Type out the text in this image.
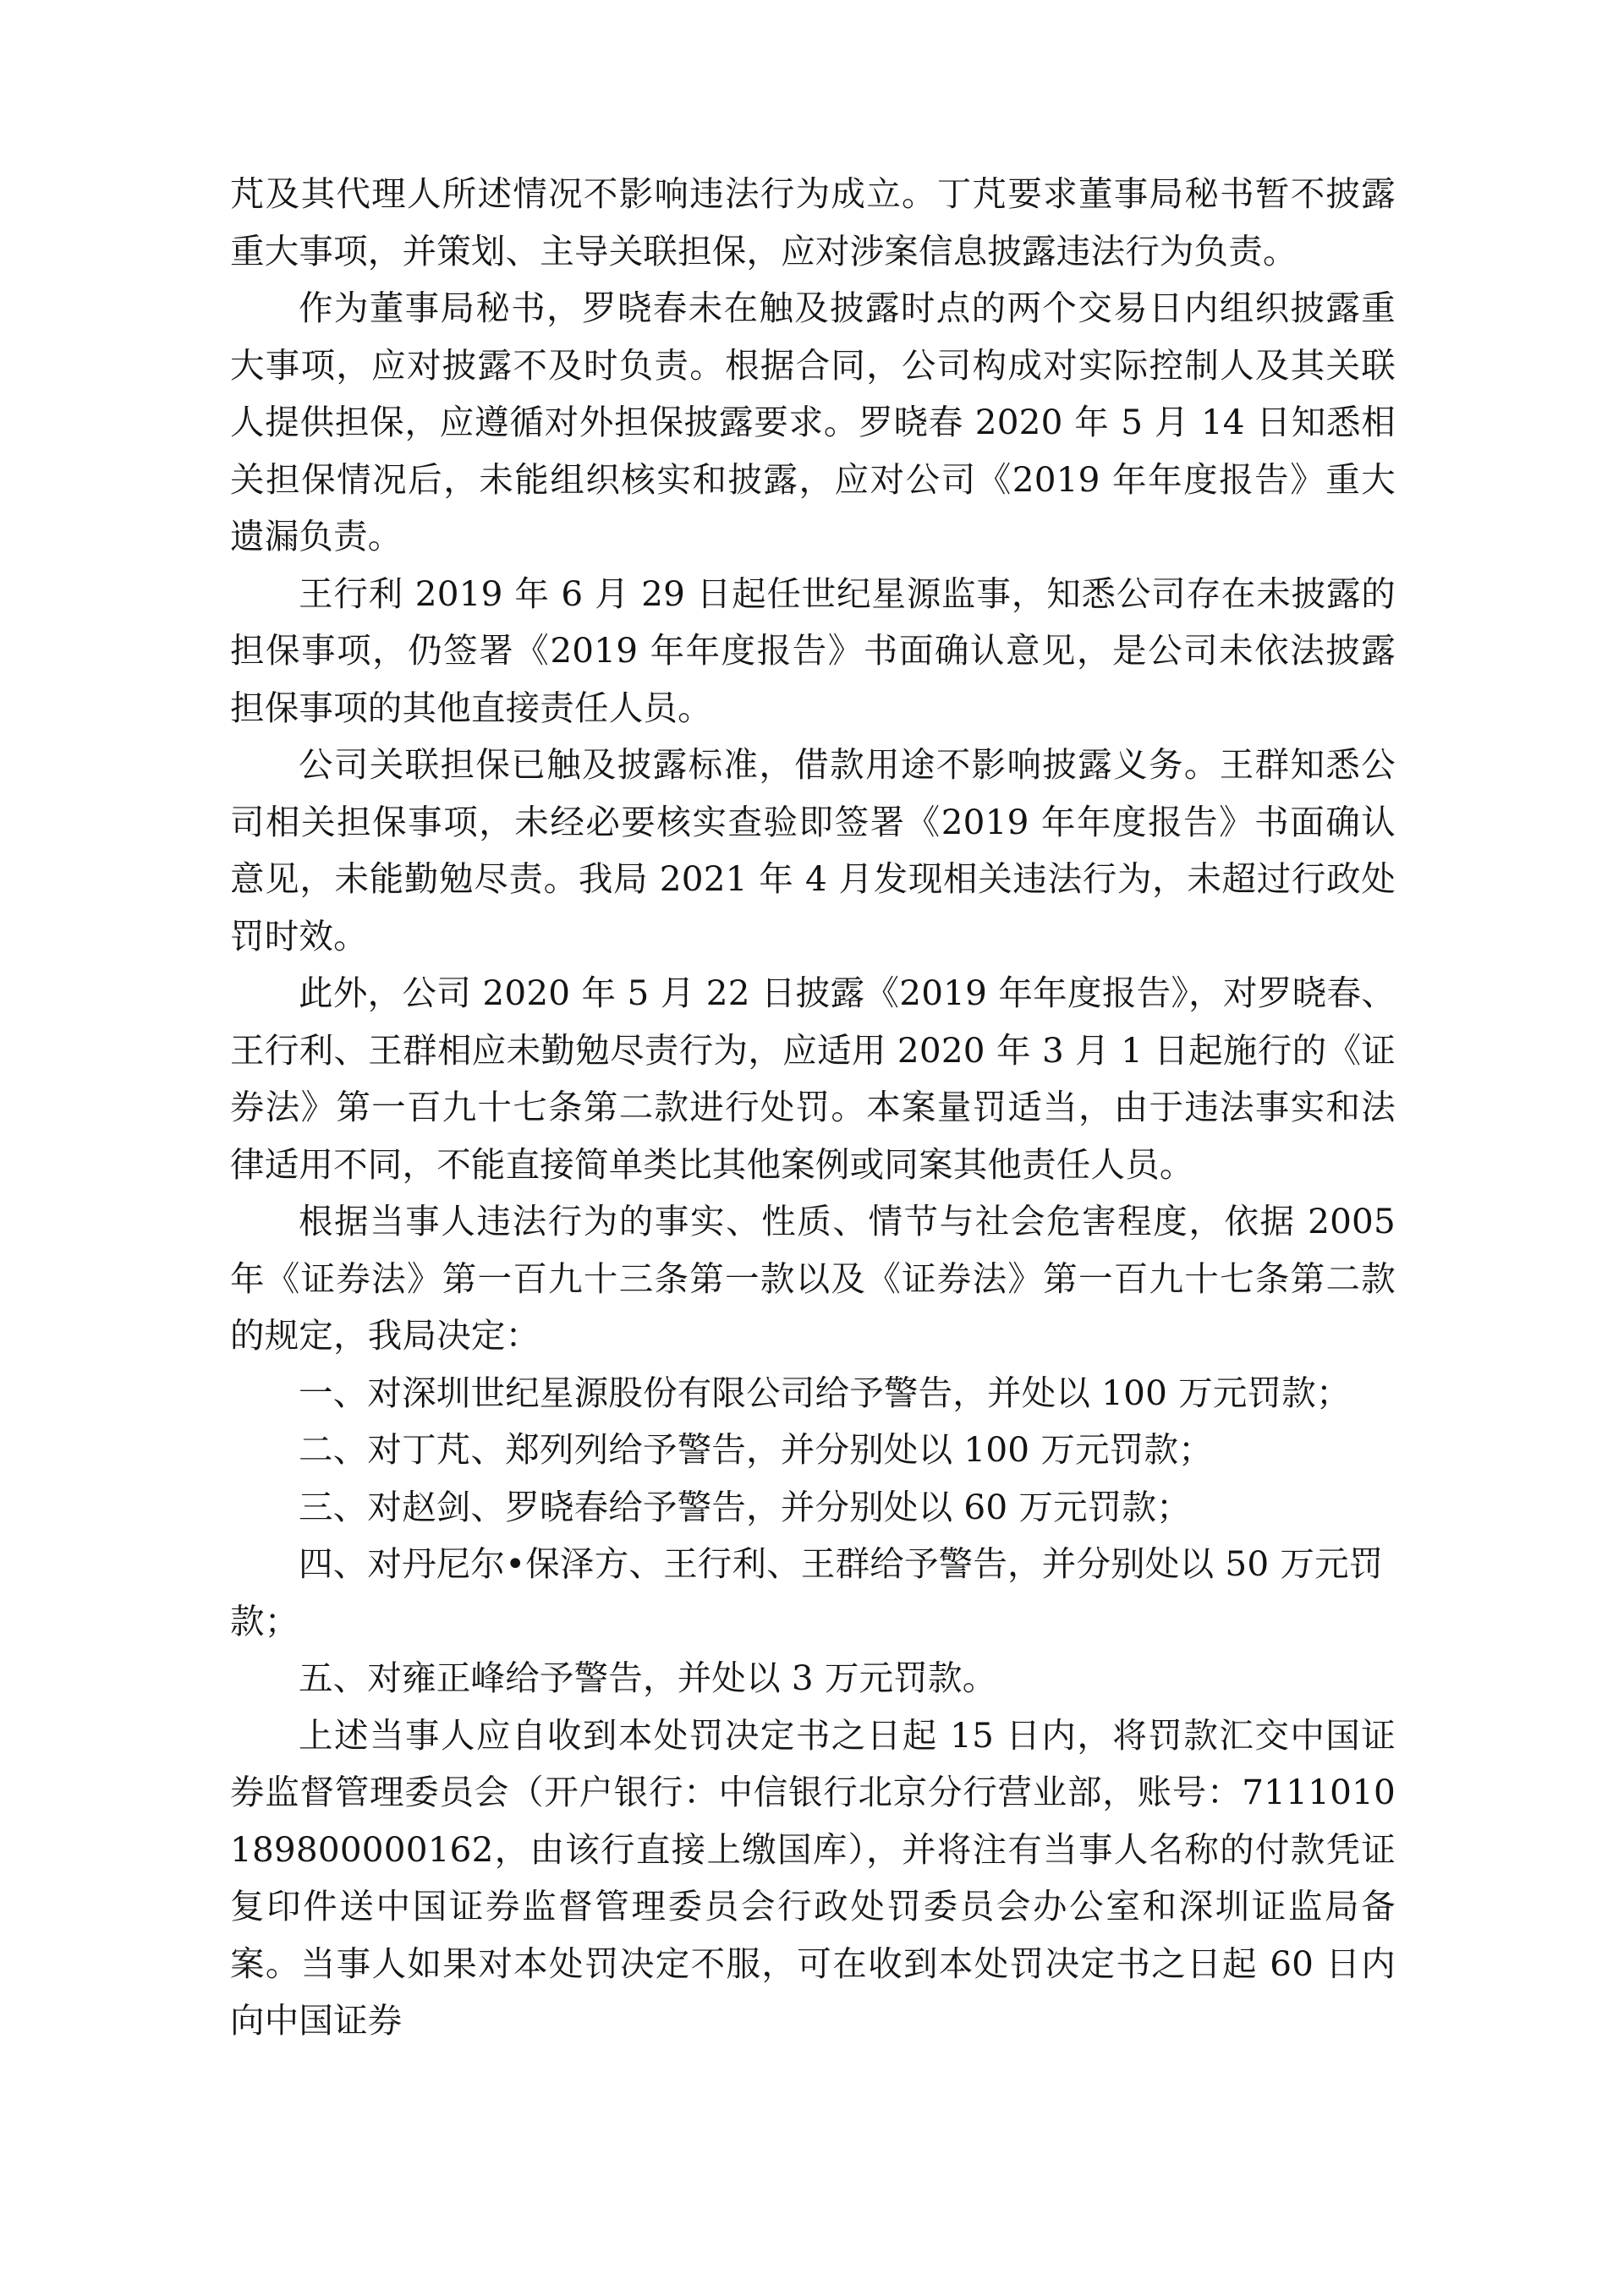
芃及其代理人所述情况不影响违法行为成立。丁芃要求董事局秘书暂不披露重大事项，并策划、主导关联担保，应对涉案信息披露违法行为负责。

作为董事局秘书，罗晓春未在触及披露时点的两个交易日内组织披露重大事项，应对披露不及时负责。根据合同，公司构成对实际控制人及其关联人提供担保，应遵循对外担保披露要求。罗晓春 2020 年 5 月 14 日知悉相关担保情况后，未能组织核实和披露，应对公司《2019 年年度报告》重大遗漏负责。

王行利 2019 年 6 月 29 日起任世纪星源监事，知悉公司存在未披露的担保事项，仍签署《2019 年年度报告》书面确认意见，是公司未依法披露担保事项的其他直接责任人员。

公司关联担保已触及披露标准，借款用途不影响披露义务。王群知悉公司相关担保事项，未经必要核实查验即签署《2019 年年度报告》书面确认意见，未能勤勉尽责。我局 2021 年 4 月发现相关违法行为，未超过行政处罚时效。

此外，公司 2020 年 5 月 22 日披露《2019 年年度报告》，对罗晓春、王行利、王群相应未勤勉尽责行为，应适用 2020 年 3 月 1 日起施行的《证券法》第一百九十七条第二款进行处罚。本案量罚适当，由于违法事实和法律适用不同，不能直接简单类比其他案例或同案其他责任人员。

根据当事人违法行为的事实、性质、情节与社会危害程度，依据 2005 年《证券法》第一百九十三条第一款以及《证券法》第一百九十七条第二款的规定，我局决定：

一、对深圳世纪星源股份有限公司给予警告，并处以 100 万元罚款；

二、对丁芃、郑列列给予警告，并分别处以 100 万元罚款；

三、对赵剑、罗晓春给予警告，并分别处以 60 万元罚款；

四、对丹尼尔•保泽方、王行利、王群给予警告，并分别处以 50 万元罚款；

五、对雍正峰给予警告，并处以 3 万元罚款。

上述当事人应自收到本处罚决定书之日起 15 日内，将罚款汇交中国证券监督管理委员会（开户银行：中信银行北京分行营业部，账号：7111010189800000162，由该行直接上缴国库），并将注有当事人名称的付款凭证复印件送中国证券监督管理委员会行政处罚委员会办公室和深圳证监局备案。当事人如果对本处罚决定不服，可在收到本处罚决定书之日起 60 日内向中国证券
